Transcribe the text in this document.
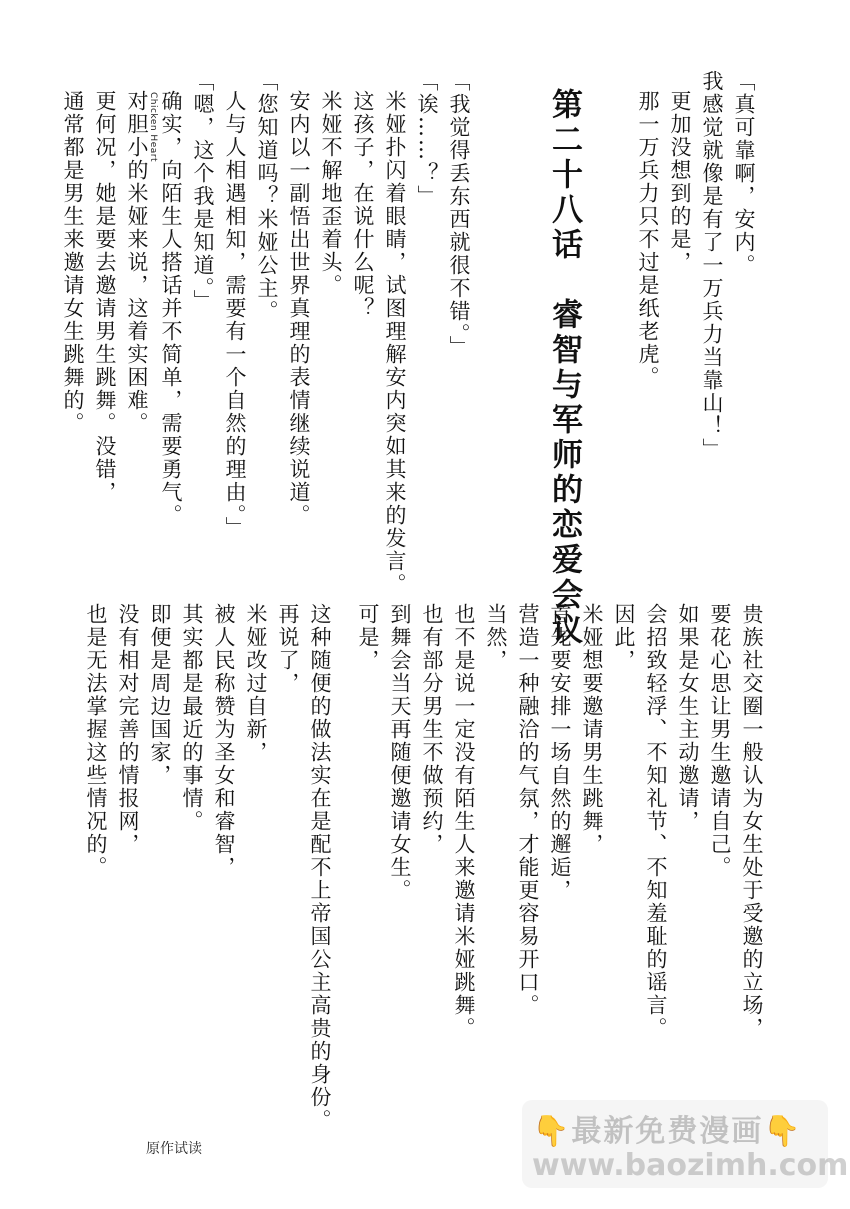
「真可靠啊，安内。
我感觉就像是有了一万兵力当靠山！」
更加没想到的是，
那一万兵力只不过是纸老虎。
第二十八话　睿智与军师的恋爱会议
「我觉得丢东西就很不错。」
「诶……？」
米娅扑闪着眼睛，试图理解安内突如其来的发言。
这孩子，在说什么呢？
米娅不解地歪着头。
安内以一副悟出世界真理的表情继续说道。
「您知道吗？米娅公主。
人与人相遇相知，需要有一个自然的理由。」
「嗯，这个我是知道。」
确实，向陌生人搭话并不简单，需要勇气。
Chicken Heart
对胆小的米娅来说，这着实困难。
更何况，她是要去邀请男生跳舞。没错，
通常都是男生来邀请女生跳舞的。
贵族社交圈一般认为女生处于受邀的立场，
要花心思让男生邀请自己。
如果是女生主动邀请，
会招致轻浮、不知礼节、不知羞耻的谣言。
因此，
米娅想要邀请男生跳舞，
首先要安排一场自然的邂逅，
营造一种融洽的气氛，才能更容易开口。
当然，
也不是说一定没有陌生人来邀请米娅跳舞。
也有部分男生不做预约，
到舞会当天再随便邀请女生。
可是，
这种随便的做法实在是配不上帝国公主高贵的身份。
再说了，
米娅改过自新，
被人民称赞为圣女和睿智，
其实都是最近的事情。
即便是周边国家，
没有相对完善的情报网，
也是无法掌握这些情况的。
原作试读	👇最新免费漫画👇
www.baozimh.com
